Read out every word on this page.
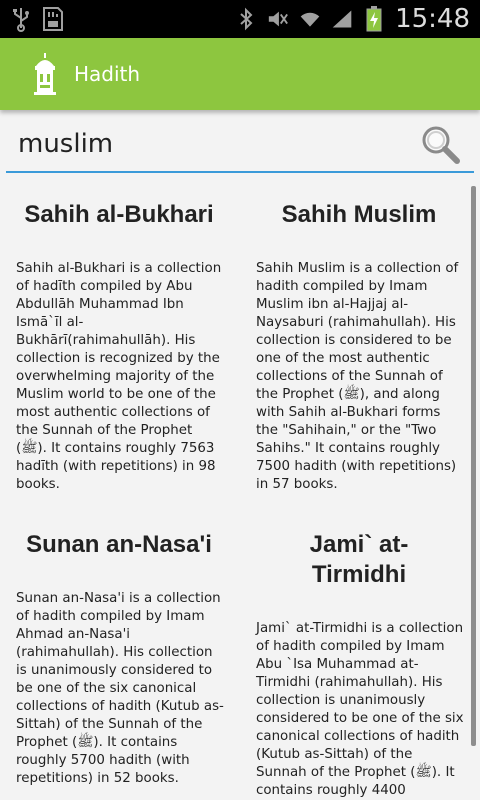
15:48
Hadith
muslim

Sahih al-Bukhari

Sahih al-Bukhari is a collection of hadīth compiled by Abu Abdullāh Muhammad Ibn Ismā`īl al-Bukhārī(rahimahullāh). His collection is recognized by the overwhelming majority of the Muslim world to be one of the most authentic collections of the Sunnah of the Prophet (ﷺ). It contains roughly 7563 hadīth (with repetitions) in 98 books.

Sahih Muslim

Sahih Muslim is a collection of hadith compiled by Imam Muslim ibn al-Hajjaj al-Naysaburi (rahimahullah). His collection is considered to be one of the most authentic collections of the Sunnah of the Prophet (ﷺ), and along with Sahih al-Bukhari forms the "Sahihain," or the "Two Sahihs." It contains roughly 7500 hadith (with repetitions) in 57 books.

Sunan an-Nasa'i

Sunan an-Nasa'i is a collection of hadith compiled by Imam Ahmad an-Nasa'i (rahimahullah). His collection is unanimously considered to be one of the six canonical collections of hadith (Kutub as-Sittah) of the Sunnah of the Prophet (ﷺ). It contains roughly 5700 hadith (with repetitions) in 52 books.

Jami` at-Tirmidhi

Jami` at-Tirmidhi is a collection of hadith compiled by Imam Abu `Isa Muhammad at-Tirmidhi (rahimahullah). His collection is unanimously considered to be one of the six canonical collections of hadith (Kutub as-Sittah) of the Sunnah of the Prophet (ﷺ). It contains roughly 4400
